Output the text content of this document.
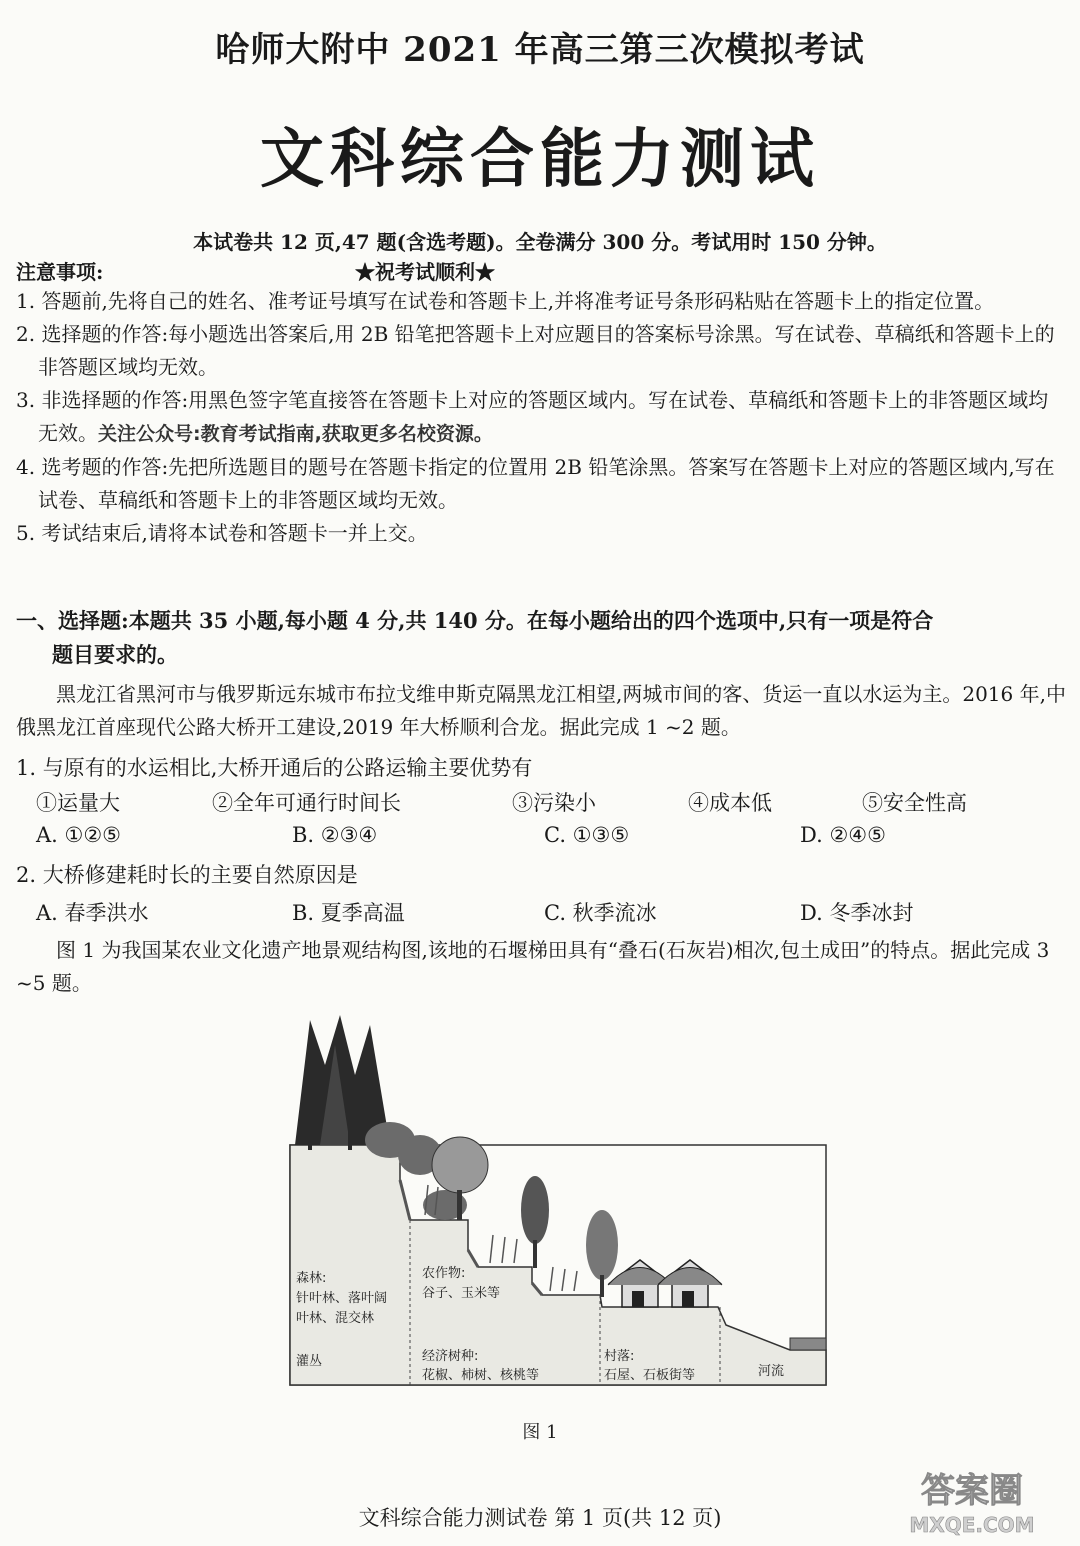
哈师大附中 2021 年高三第三次模拟考试
文科综合能力测试
本试卷共 12 页,47 题(含选考题)。全卷满分 300 分。考试用时 150 分钟。
注意事项:	★祝考试顺利★

1. 答题前,先将自己的姓名、准考证号填写在试卷和答题卡上,并将准考证号条形码粘贴在答题卡上的指定位置。

2. 选择题的作答:每小题选出答案后,用 2B 铅笔把答题卡上对应题目的答案标号涂黑。写在试卷、草稿纸和答题卡上的非答题区域均无效。

3. 非选择题的作答:用黑色签字笔直接答在答题卡上对应的答题区域内。写在试卷、草稿纸和答题卡上的非答题区域均无效。关注公众号:教育考试指南,获取更多名校资源。

4. 选考题的作答:先把所选题目的题号在答题卡指定的位置用 2B 铅笔涂黑。答案写在答题卡上对应的答题区域内,写在试卷、草稿纸和答题卡上的非答题区域均无效。

5. 考试结束后,请将本试卷和答题卡一并上交。

一、选择题:本题共 35 小题,每小题 4 分,共 140 分。在每小题给出的四个选项中,只有一项是符合
题目要求的。
黑龙江省黑河市与俄罗斯远东城市布拉戈维申斯克隔黑龙江相望,两城市间的客、货运一直以水运为主。2016 年,中俄黑龙江首座现代公路大桥开工建设,2019 年大桥顺利合龙。据此完成 1 ~2 题。
1. 与原有的水运相比,大桥开通后的公路运输主要优势有
①运量大	②全年可通行时间长	③污染小	④成本低	⑤安全性高
A. ①②⑤	B. ②③④	C. ①③⑤	D. ②④⑤
2. 大桥修建耗时长的主要自然原因是
A. 春季洪水	B. 夏季高温	C. 秋季流冰	D. 冬季冰封
图 1 为我国某农业文化遗产地景观结构图,该地的石堰梯田具有“叠石(石灰岩)相次,包土成田”的特点。据此完成 3 ~5 题。
森林:
针叶林、落叶阔
叶林、混交林
灌丛
农作物:
谷子、玉米等
经济树种:
花椒、柿树、核桃等
村落:
石屋、石板街等	河流
图 1
文科综合能力测试卷 第 1 页(共 12 页)
答案圈
MXQE.COM
